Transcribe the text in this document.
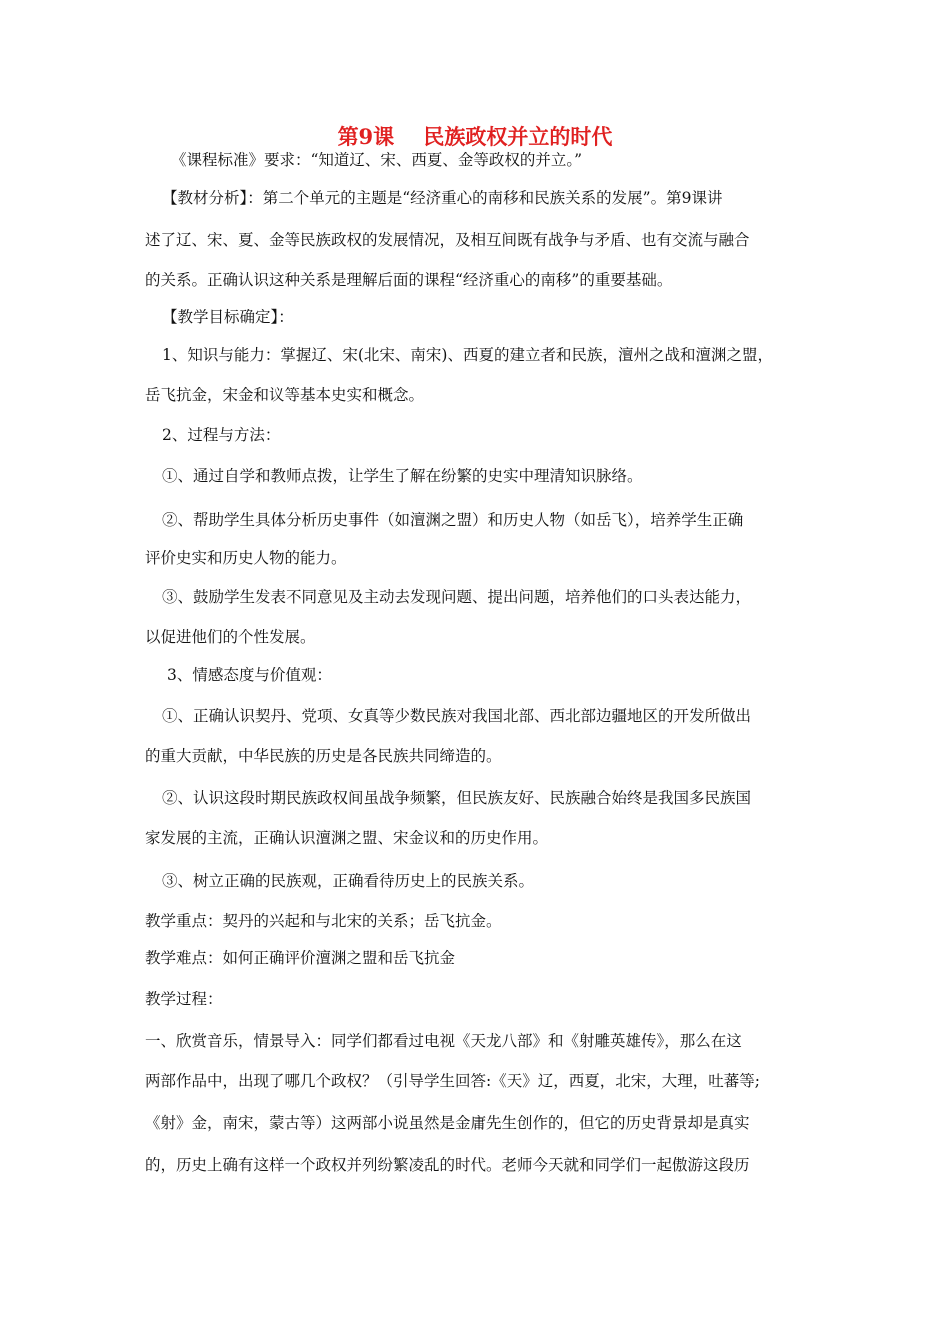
第9课    民族政权并立的时代
《课程标准》要求：“知道辽、宋、西夏、金等政权的并立。”
【教材分析】：第二个单元的主题是“经济重心的南移和民族关系的发展”。第9课讲
述了辽、宋、夏、金等民族政权的发展情况，及相互间既有战争与矛盾、也有交流与融合
的关系。正确认识这种关系是理解后面的课程“经济重心的南移”的重要基础。
【教学目标确定】：
1、知识与能力：掌握辽、宋(北宋、南宋)、西夏的建立者和民族，澶州之战和澶渊之盟，
岳飞抗金，宋金和议等基本史实和概念。
2、过程与方法：
①、通过自学和教师点拨，让学生了解在纷繁的史实中理清知识脉络。
②、帮助学生具体分析历史事件（如澶渊之盟）和历史人物（如岳飞），培养学生正确
评价史实和历史人物的能力。
③、鼓励学生发表不同意见及主动去发现问题、提出问题，培养他们的口头表达能力，
以促进他们的个性发展。
3、情感态度与价值观：
①、正确认识契丹、党项、女真等少数民族对我国北部、西北部边疆地区的开发所做出
的重大贡献，中华民族的历史是各民族共同缔造的。
②、认识这段时期民族政权间虽战争频繁，但民族友好、民族融合始终是我国多民族国
家发展的主流，正确认识澶渊之盟、宋金议和的历史作用。
③、树立正确的民族观，正确看待历史上的民族关系。
教学重点：契丹的兴起和与北宋的关系；岳飞抗金。
教学难点：如何正确评价澶渊之盟和岳飞抗金
教学过程：
一、欣赏音乐，情景导入：同学们都看过电视《天龙八部》和《射雕英雄传》，那么在这
两部作品中，出现了哪几个政权？（引导学生回答:《天》辽，西夏，北宋，大理，吐蕃等;
《射》金，南宋，蒙古等）这两部小说虽然是金庸先生创作的，但它的历史背景却是真实
的，历史上确有这样一个政权并列纷繁凌乱的时代。老师今天就和同学们一起傲游这段历
